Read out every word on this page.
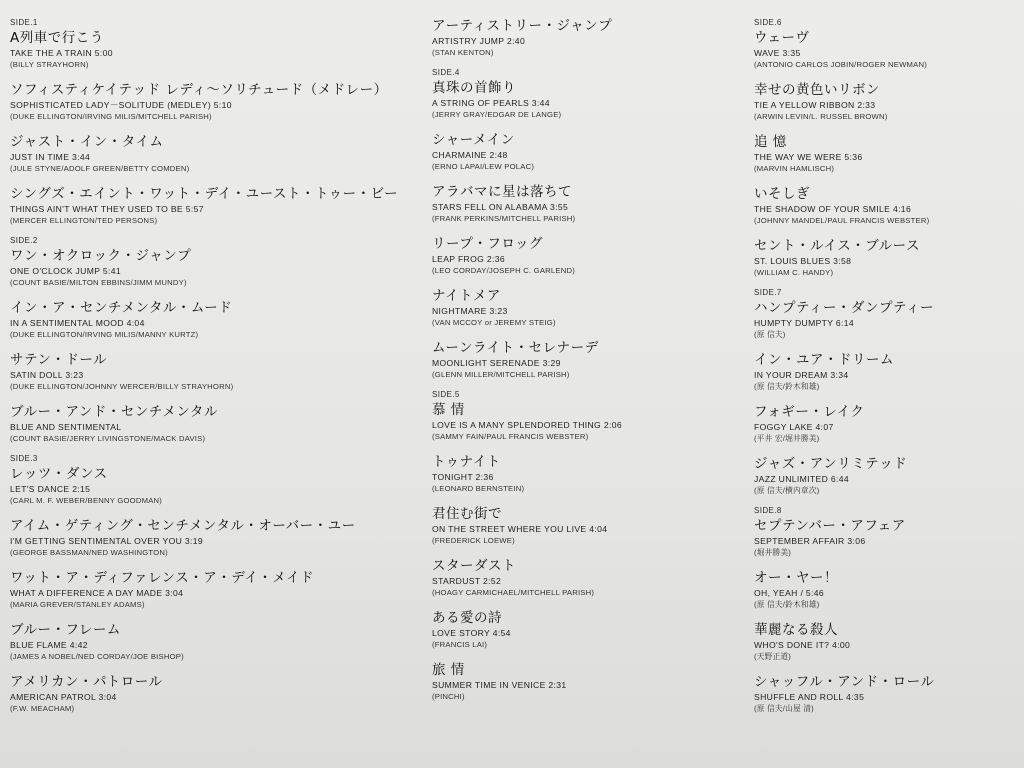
SIDE.1
A列車で行こう
TAKE THE A TRAIN 5:00
(BILLY STRAYHORN)
ソフィスティケイテッド レディ〜ソリチュード（メドレー）
SOPHISTICATED LADY－SOLITUDE (MEDLEY) 5:10
(DUKE ELLINGTON/IRVING MILIS/MITCHELL PARISH)
ジャスト・イン・タイム
JUST IN TIME 3:44
(JULE STYNE/ADOLF GREEN/BETTY COMDEN)
シングズ・エイント・ワット・デイ・ユースト・トゥー・ビー
THINGS AIN'T WHAT THEY USED TO BE 5:57
(MERCER ELLINGTON/TED PERSONS)
SIDE.2
ワン・オクロック・ジャンプ
ONE O'CLOCK JUMP 5:41
(COUNT BASIE/MILTON EBBINS/JIMM MUNDY)
イン・ア・センチメンタル・ムード
IN A SENTIMENTAL MOOD 4:04
(DUKE ELLINGTON/IRVING MILIS/MANNY KURTZ)
サテン・ドール
SATIN DOLL 3:23
(DUKE ELLINGTON/JOHNNY WERCER/BILLY STRAYHORN)
ブルー・アンド・センチメンタル
BLUE AND SENTIMENTAL
(COUNT BASIE/JERRY LIVINGSTONE/MACK DAVIS)
SIDE.3
レッツ・ダンス
LET'S DANCE 2:15
(CARL M. F. WEBER/BENNY GOODMAN)
アイム・ゲティング・センチメンタル・オーバー・ユー
I'M GETTING SENTIMENTAL OVER YOU 3:19
(GEORGE BASSMAN/NED WASHINGTON)
ワット・ア・ディファレンス・ア・デイ・メイド
WHAT A DIFFERENCE A DAY MADE 3:04
(MARIA GREVER/STANLEY ADAMS)
ブルー・フレーム
BLUE FLAME 4:42
(JAMES A NOBEL/NED CORDAY/JOE BISHOP)
アメリカン・パトロール
AMERICAN PATROL 3:04
(F.W. MEACHAM)
アーティストリー・ジャンプ
ARTISTRY JUMP 2:40
(STAN KENTON)
SIDE.4
真珠の首飾り
A STRING OF PEARLS 3:44
(JERRY GRAY/EDGAR DE LANGE)
シャーメイン
CHARMAINE 2:48
(ERNO LAPAI/LEW POLAC)
アラバマに星は落ちて
STARS FELL ON ALABAMA 3:55
(FRANK PERKINS/MITCHELL PARISH)
リープ・フロッグ
LEAP FROG 2:36
(LEO CORDAY/JOSEPH C. GARLEND)
ナイトメア
NIGHTMARE 3:23
(VAN MCCOY or JEREMY STEIG)
ムーンライト・セレナーデ
MOONLIGHT SERENADE 3:29
(GLENN MILLER/MITCHELL PARISH)
SIDE.5
慕 情
LOVE IS A MANY SPLENDORED THING 2:06
(SAMMY FAIN/PAUL FRANCIS WEBSTER)
トゥナイト
TONIGHT 2:36
(LEONARD BERNSTEIN)
君住む街で
ON THE STREET WHERE YOU LIVE 4:04
(FREDERICK LOEWE)
スターダスト
STARDUST 2:52
(HOAGY CARMICHAEL/MITCHELL PARISH)
ある愛の詩
LOVE STORY 4:54
(FRANCIS LAI)
旅 情
SUMMER TIME IN VENICE 2:31
(PINCHI)
SIDE.6
ウェーヴ
WAVE 3:35
(ANTONIO CARLOS JOBIN/ROGER NEWMAN)
幸せの黄色いリボン
TIE A YELLOW RIBBON 2:33
(ARWIN LEVIN/L. RUSSEL BROWN)
追 憶
THE WAY WE WERE 5:36
(MARVIN HAMLISCH)
いそしぎ
THE SHADOW OF YOUR SMILE 4:16
(JOHNNY MANDEL/PAUL FRANCIS WEBSTER)
セント・ルイス・ブルース
ST. LOUIS BLUES 3:58
(WILLIAM C. HANDY)
SIDE.7
ハンプティー・ダンプティー
HUMPTY DUMPTY 6:14
(原 信夫)
イン・ユア・ドリーム
IN YOUR DREAM 3:34
(原 信夫/鈴木和雄)
フォギー・レイク
FOGGY LAKE 4:07
(平井 宏/堀井勝美)
ジャズ・アンリミテッド
JAZZ UNLIMITED 6:44
(原 信夫/横内章次)
SIDE.8
セプテンバー・アフェア
SEPTEMBER AFFAIR 3:06
(堀井勝美)
オー・ヤー！
OH, YEAH / 5:46
(原 信夫/鈴木和雄)
華麗なる殺人
WHO'S DONE IT? 4:00
(天野正道)
シャッフル・アンド・ロール
SHUFFLE AND ROLL 4:35
(原 信夫/山屋 清)
